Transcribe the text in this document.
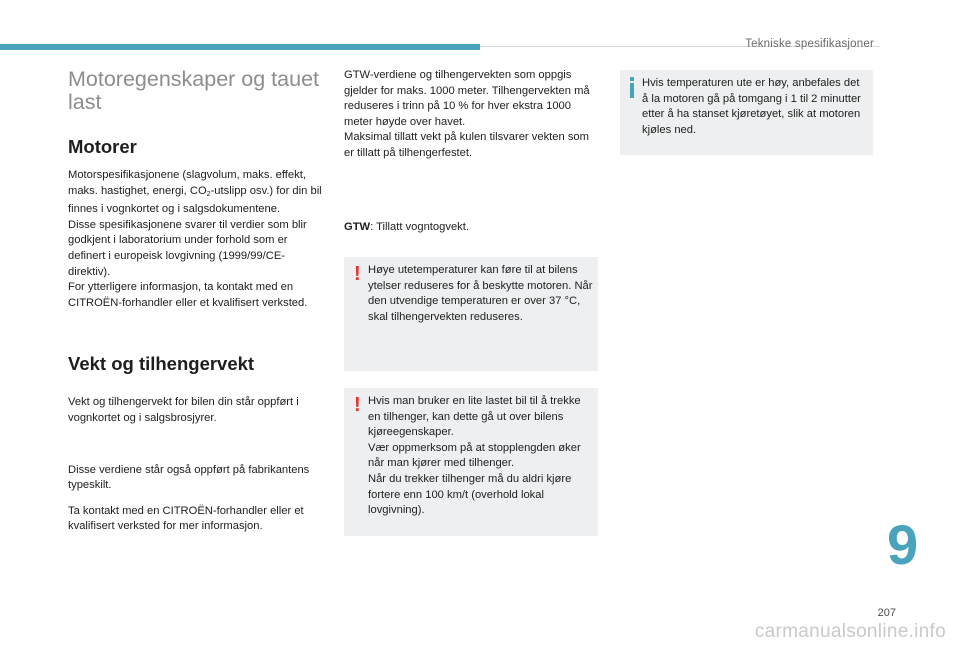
Tekniske spesifikasjoner
Motoregenskaper og tauet last
Motorer

Motorspesifikasjonene (slagvolum, maks. effekt, maks. hastighet, energi, $CO_2$-utslipp osv.) for din bil finnes i vognkortet og i salgsdokumentene.

Disse spesifikasjonene svarer til verdier som blir godkjent i laboratorium under forhold som er definert i europeisk lovgivning (1999/99/CE-direktiv).

For ytterligere informasjon, ta kontakt med en CITROËN-forhandler eller et kvalifisert verksted.

Vekt og tilhengervekt

Vekt og tilhengervekt for bilen din står oppført i vognkortet og i salgsbrosjyrer.

Disse verdiene står også oppført på fabrikantens typeskilt.

Ta kontakt med en CITROËN-forhandler eller et kvalifisert verksted for mer informasjon.

GTW-verdiene og tilhengervekten som oppgis gjelder for maks. 1000 meter. Tilhengervekten må reduseres i trinn på 10 % for hver ekstra 1000 meter høyde over havet.

Maksimal tillatt vekt på kulen tilsvarer vekten som er tillatt på tilhengerfestet.

GTW: Tillatt vogntogvekt.

! Høye utetemperaturer kan føre til at bilens ytelser reduseres for å beskytte motoren. Når den utvendige temperaturen er over 37 °C, skal tilhengervekten reduseres.

! Hvis man bruker en lite lastet bil til å trekke en tilhenger, kan dette gå ut over bilens kjøreegenskaper.

Vær oppmerksom på at stopplengden øker når man kjører med tilhenger.

Når du trekker tilhenger må du aldri kjøre fortere enn 100 km/t (overhold lokal lovgivning).

Hvis temperaturen ute er høy, anbefales det å la motoren gå på tomgang i 1 til 2 minutter etter å ha stanset kjøretøyet, slik at motoren kjøles ned.

9
207
carmanualsonline.info
